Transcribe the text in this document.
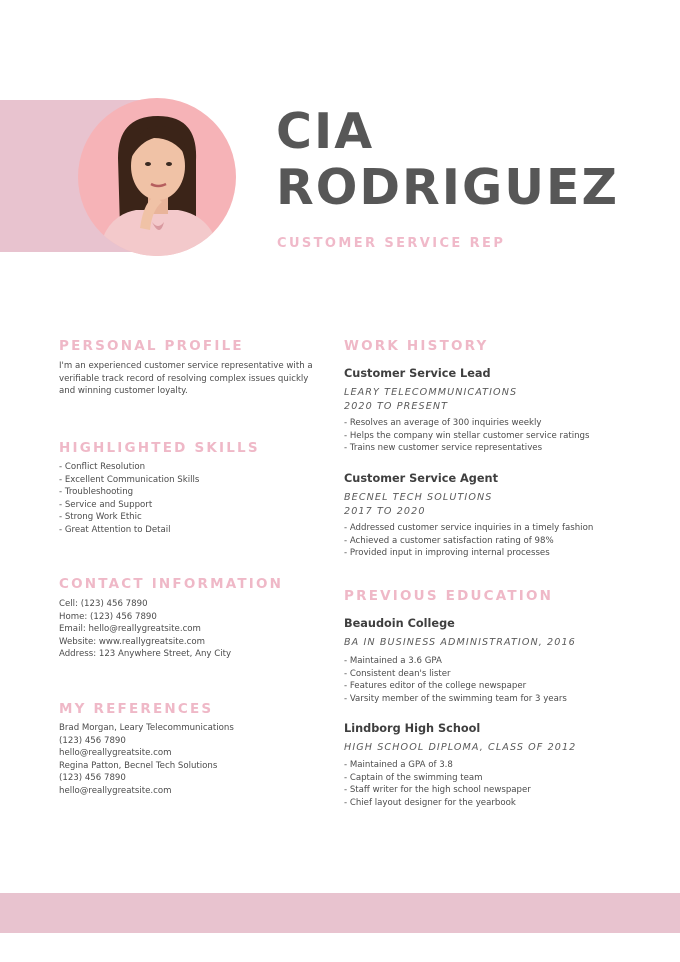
CIA
RODRIGUEZ
CUSTOMER SERVICE REP
PERSONAL PROFILE
I'm an experienced customer service representative with a
verifiable track record of resolving complex issues quickly
and winning customer loyalty.
HIGHLIGHTED SKILLS
- Conflict Resolution
- Excellent Communication Skills
- Troubleshooting
- Service and Support
- Strong Work Ethic
- Great Attention to Detail
CONTACT INFORMATION
Cell: (123) 456 7890
Home: (123) 456 7890
Email: hello@reallygreatsite.com
Website: www.reallygreatsite.com
Address: 123 Anywhere Street, Any City
MY REFERENCES
Brad Morgan, Leary Telecommunications
(123) 456 7890
hello@reallygreatsite.com
Regina Patton, Becnel Tech Solutions
(123) 456 7890
hello@reallygreatsite.com
WORK HISTORY
Customer Service Lead
LEARY TELECOMMUNICATIONS
2020 TO PRESENT
- Resolves an average of 300 inquiries weekly
- Helps the company win stellar customer service ratings
- Trains new customer service representatives
Customer Service Agent
BECNEL TECH SOLUTIONS
2017 TO 2020
- Addressed customer service inquiries in a timely fashion
- Achieved a customer satisfaction rating of 98%
- Provided input in improving internal processes
PREVIOUS EDUCATION
Beaudoin College
BA IN BUSINESS ADMINISTRATION, 2016
- Maintained a 3.6 GPA
- Consistent dean's lister
- Features editor of the college newspaper
- Varsity member of the swimming team for 3 years
Lindborg High School
HIGH SCHOOL DIPLOMA, CLASS OF 2012
- Maintained a GPA of 3.8
- Captain of the swimming team
- Staff writer for the high school newspaper
- Chief layout designer for the yearbook
